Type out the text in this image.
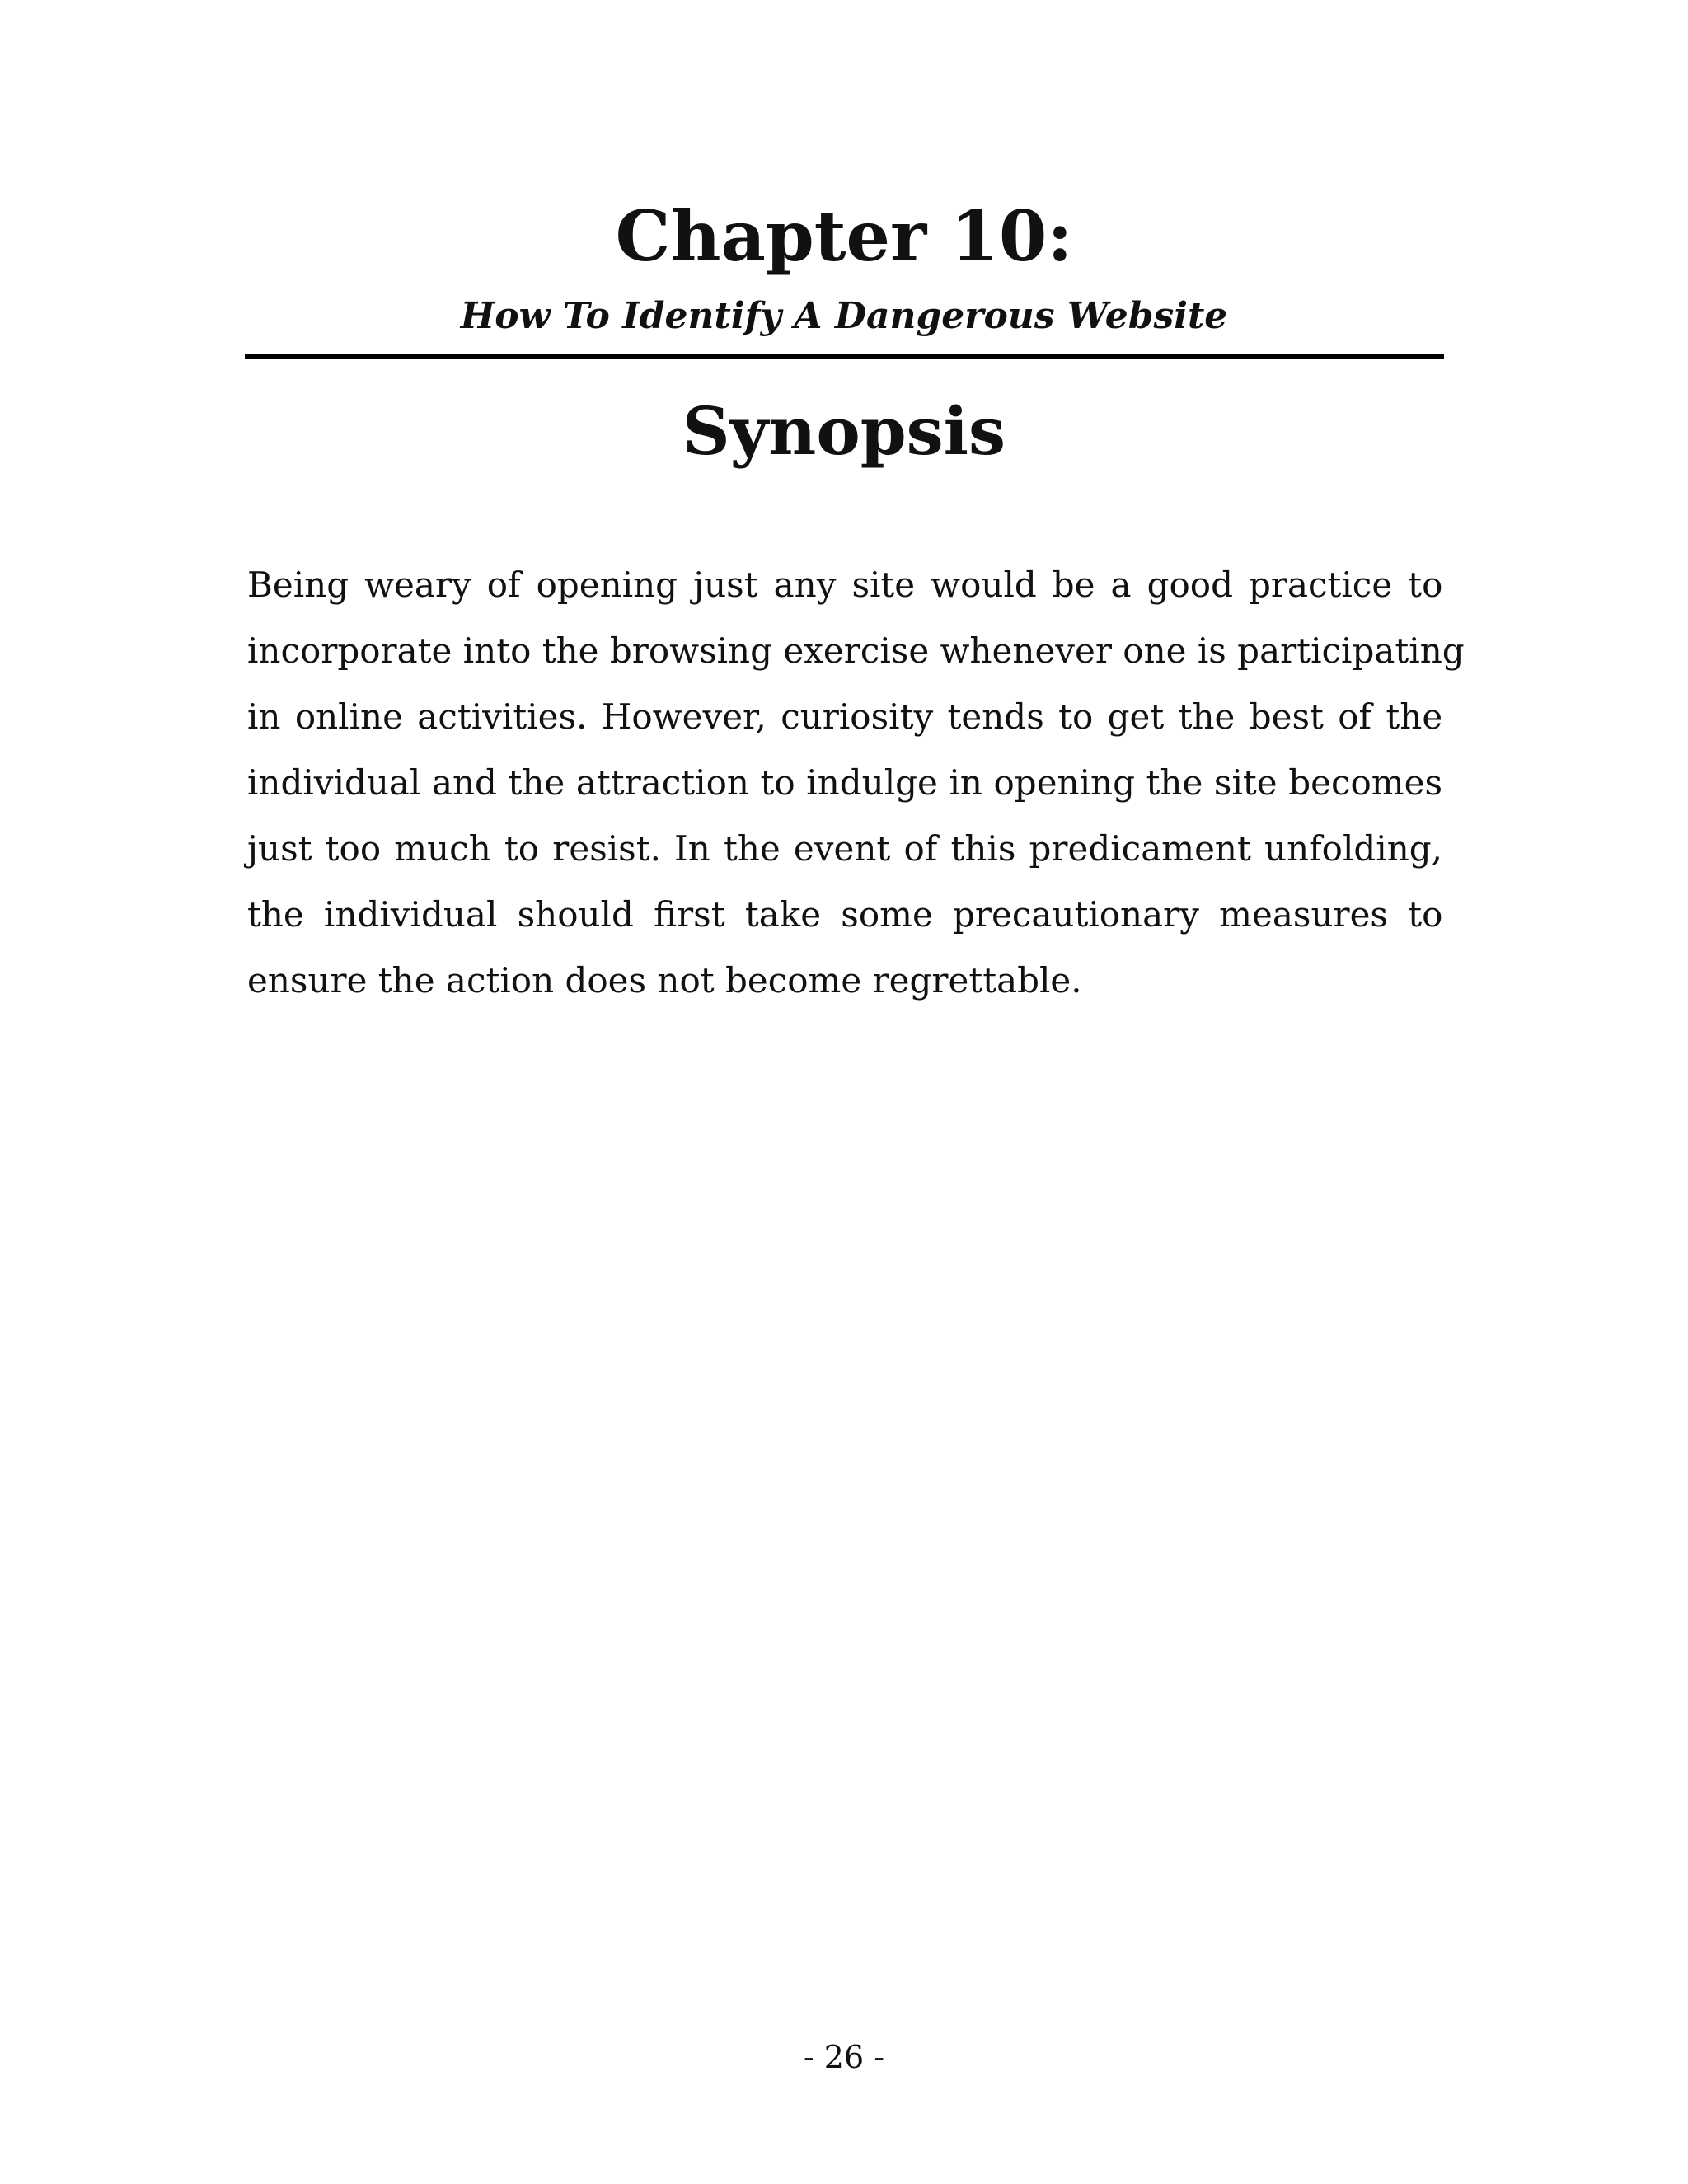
Chapter 10:
How To Identify A Dangerous Website
Synopsis
Being weary of opening just any site would be a good practice to
incorporate into the browsing exercise whenever one is participating
in online activities. However, curiosity tends to get the best of the
individual and the attraction to indulge in opening the site becomes
just too much to resist. In the event of this predicament unfolding,
the individual should first take some precautionary measures to
ensure the action does not become regrettable.
- 26 -
